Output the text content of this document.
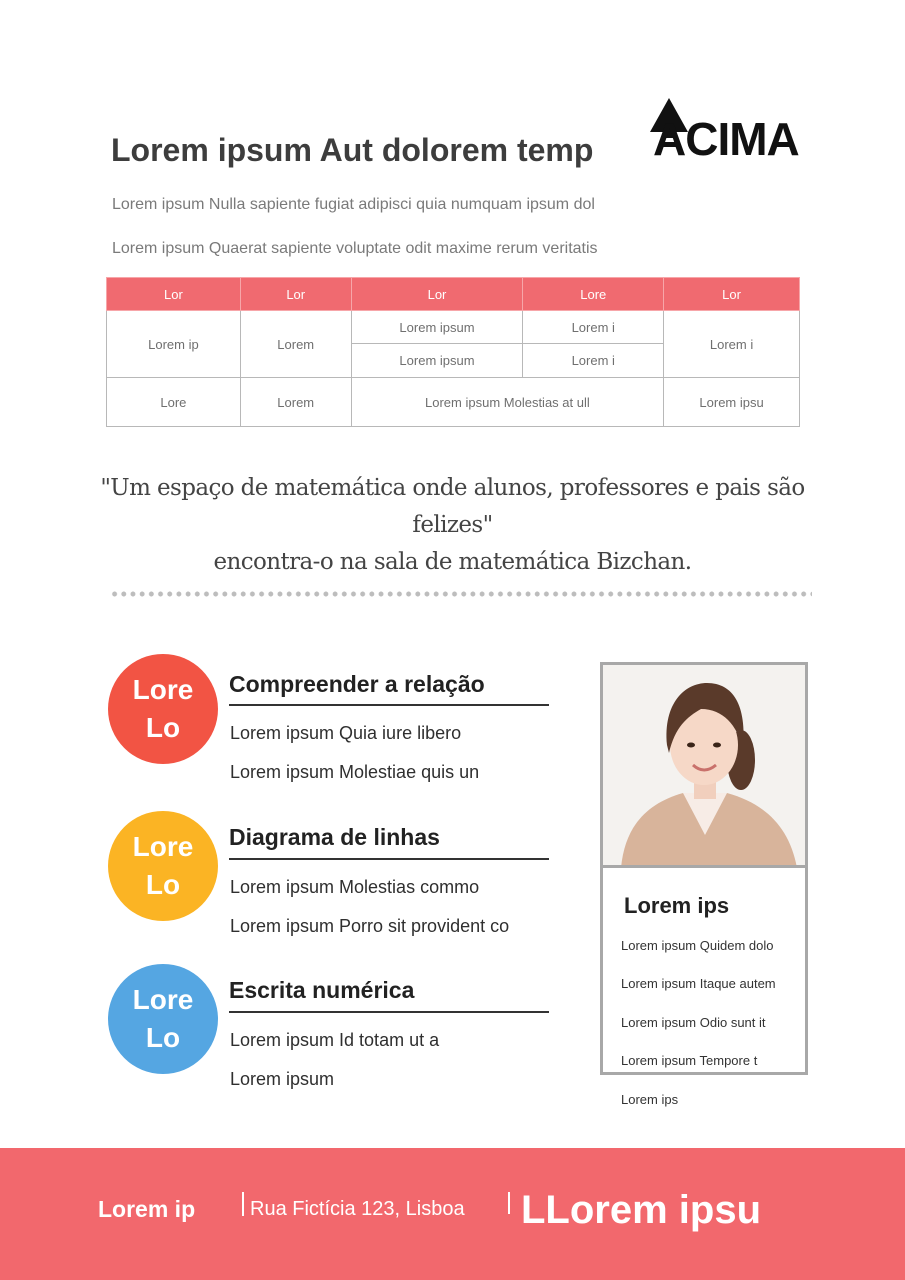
Lorem ipsum Aut dolorem temp ACIMA
Lorem ipsum Nulla sapiente fugiat adipisci quia numquam ipsum dol
Lorem ipsum Quaerat sapiente voluptate odit maxime rerum veritatis
Lor	Lor	Lor	Lore	Lor
Lorem ip	Lorem	Lorem ipsum	Lorem i	Lorem i
		Lorem ipsum	Lorem i	
Lore	Lorem	Lorem ipsum Molestias at ull		Lorem ipsu
"Um espaço de matemática onde alunos, professores e pais são felizes"
encontra-o na sala de matemática Bizchan.
Lore
Lo
Compreender a relação
Lorem ipsum Quia iure libero
Lorem ipsum Molestiae quis un
Lore
Lo
Diagrama de linhas
Lorem ipsum Molestias commo
Lorem ipsum Porro sit provident co
Lore
Lo
Escrita numérica
Lorem ipsum Id totam ut a
Lorem ipsum
Lorem ips
Lorem ipsum Quidem dolo
Lorem ipsum Itaque autem
Lorem ipsum Odio sunt it
Lorem ipsum Tempore t
Lorem ips
Lorem ip	Rua Fictícia 123, Lisboa LLorem ipsu
